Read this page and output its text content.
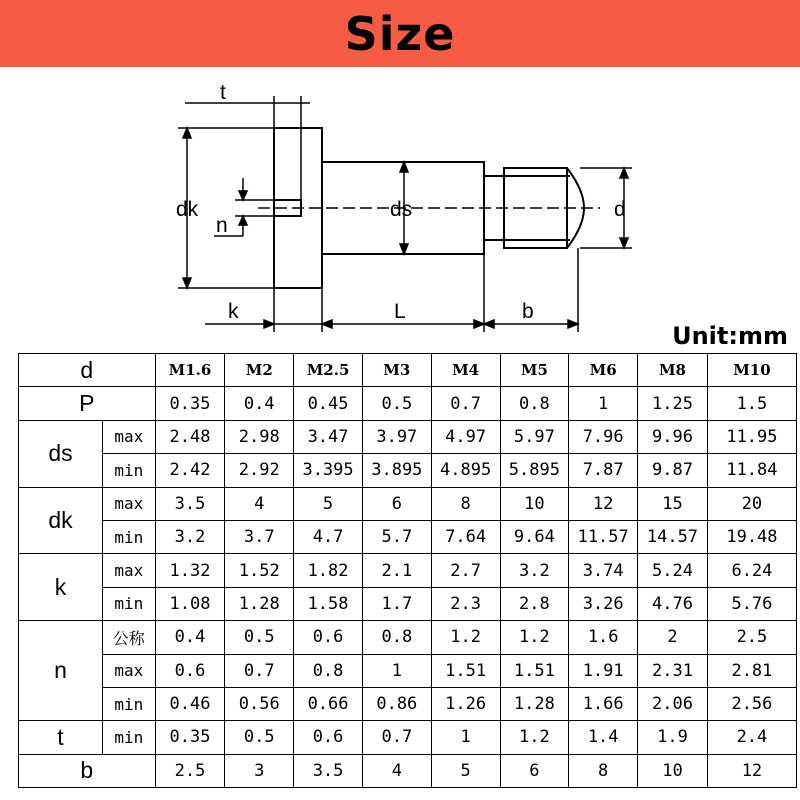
Size
t
dk
n
ds	d
k	L	b
Unit:mm
d		M1.6	M2	M2.5	M3	M4	M5	M6	M8	M10
P		0.35	0.4	0.45	0.5	0.7	0.8	1	1.25	1.5
ds	max	2.48	2.98	3.47	3.97	4.97	5.97	7.96	9.96	11.95
	min	2.42	2.92	3.395	3.895	4.895	5.895	7.87	9.87	11.84
dk	max	3.5	4	5	6	8	10	12	15	20
	min	3.2	3.7	4.7	5.7	7.64	9.64	11.57	14.57	19.48
k	max	1.32	1.52	1.82	2.1	2.7	3.2	3.74	5.24	6.24
	min	1.08	1.28	1.58	1.7	2.3	2.8	3.26	4.76	5.76
n	公称	0.4	0.5	0.6	0.8	1.2	1.2	1.6	2	2.5
	max	0.6	0.7	0.8	1	1.51	1.51	1.91	2.31	2.81
	min	0.46	0.56	0.66	0.86	1.26	1.28	1.66	2.06	2.56
t	min	0.35	0.5	0.6	0.7	1	1.2	1.4	1.9	2.4
b		2.5	3	3.5	4	5	6	8	10	12
